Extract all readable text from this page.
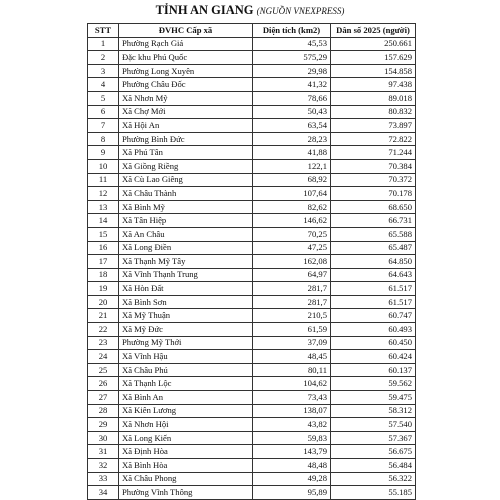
TỈNH AN GIANG (NGUỒN VNEXPRESS)
STT	ĐVHC Cấp xã	Diện tích (km2)	Dân số 2025 (người)
1	Phường Rạch Giá	45,53	250.661
2	Đặc khu Phú Quốc	575,29	157.629
3	Phường Long Xuyên	29,98	154.858
4	Phường Châu Đốc	41,32	97.438
5	Xã Nhơn Mỹ	78,66	89.018
6	Xã Chợ Mới	50,43	80.832
7	Xã Hội An	63,54	73.897
8	Phường Bình Đức	28,23	72.822
9	Xã Phú Tân	41,88	71.244
10	Xã Giồng Riềng	122,1	70.384
11	Xã Cù Lao Giêng	68,92	70.372
12	Xã Châu Thành	107,64	70.178
13	Xã Bình Mỹ	82,62	68.650
14	Xã Tân Hiệp	146,62	66.731
15	Xã An Châu	70,25	65.588
16	Xã Long Điền	47,25	65.487
17	Xã Thạnh Mỹ Tây	162,08	64.850
18	Xã Vĩnh Thạnh Trung	64,97	64.643
19	Xã Hòn Đất	281,7	61.517
20	Xã Bình Sơn	281,7	61.517
21	Xã Mỹ Thuận	210,5	60.747
22	Xã Mỹ Đức	61,59	60.493
23	Phường Mỹ Thới	37,09	60.450
24	Xã Vĩnh Hậu	48,45	60.424
25	Xã Châu Phú	80,11	60.137
26	Xã Thạnh Lộc	104,62	59.562
27	Xã Bình An	73,43	59.475
28	Xã Kiên Lương	138,07	58.312
29	Xã Nhơn Hội	43,82	57.540
30	Xã Long Kiến	59,83	57.367
31	Xã Định Hòa	143,79	56.675
32	Xã Bình Hòa	48,48	56.484
33	Xã Châu Phong	49,28	56.322
34	Phường Vĩnh Thông	95,89	55.185
